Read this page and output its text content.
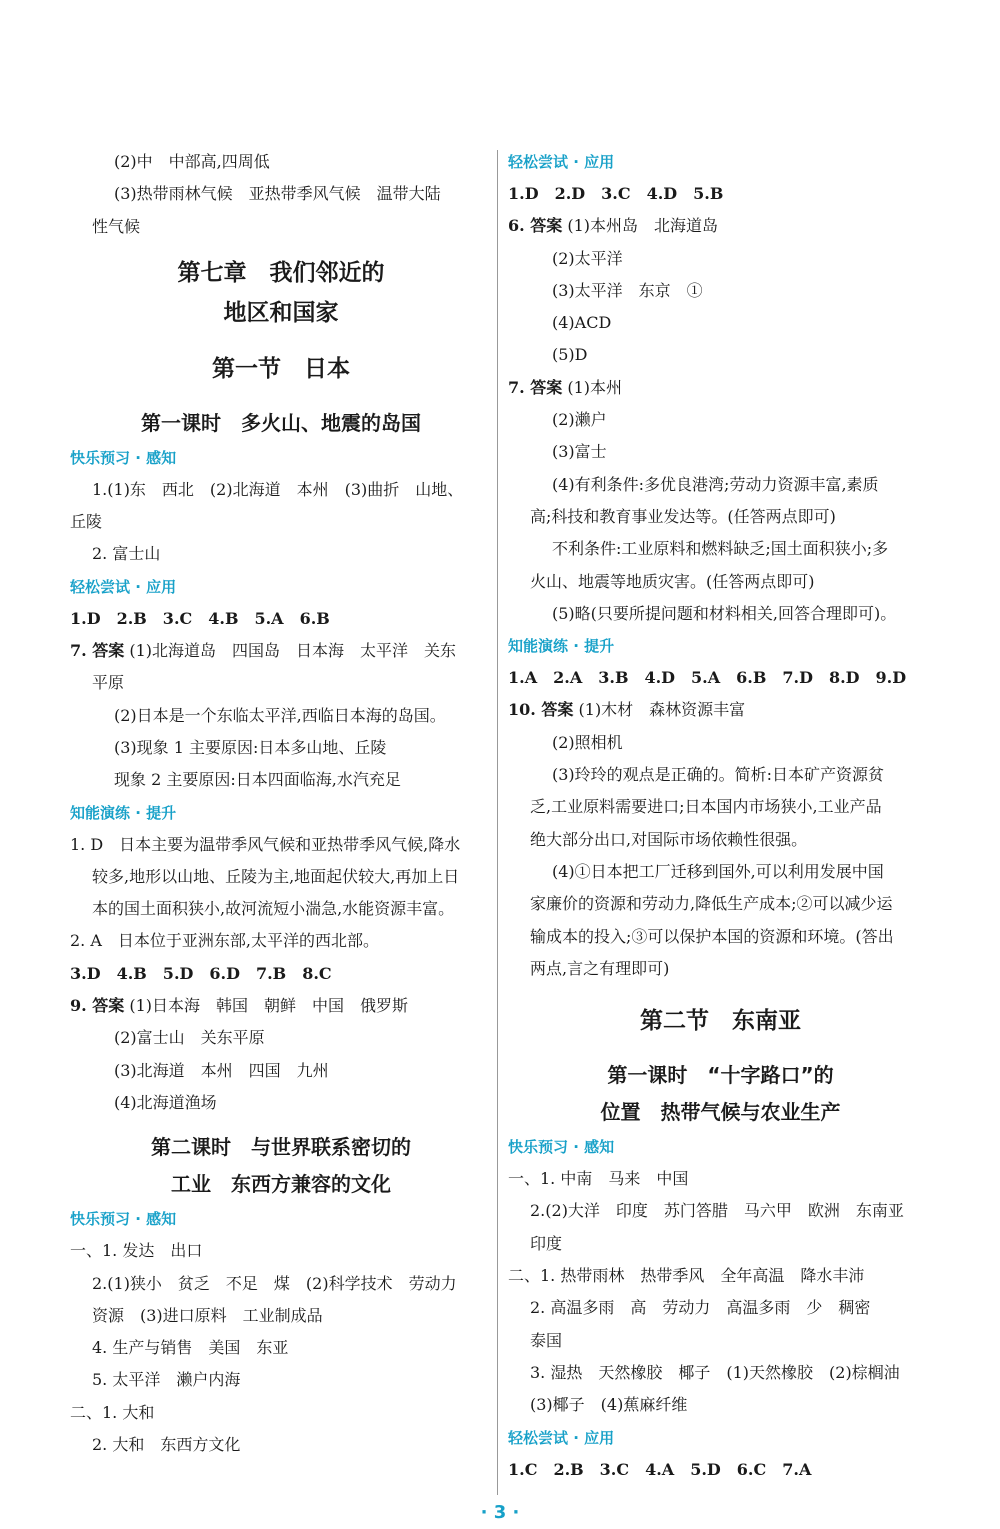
(2)中　中部高,四周低
(3)热带雨林气候　亚热带季风气候　温带大陆
性气候
第七章　我们邻近的
地区和国家
第一节　日本
第一课时　多火山、地震的岛国
快乐预习 · 感知
1.(1)东　西北　(2)北海道　本州　(3)曲折　山地、
丘陵
2. 富士山
轻松尝试 · 应用
1.D　2.B　3.C　4.B　5.A　6.B
7. 答案 (1)北海道岛　四国岛　日本海　太平洋　关东
平原
(2)日本是一个东临太平洋,西临日本海的岛国。
(3)现象 1 主要原因:日本多山地、丘陵
现象 2 主要原因:日本四面临海,水汽充足
知能演练 · 提升
1. D　日本主要为温带季风气候和亚热带季风气候,降水
较多,地形以山地、丘陵为主,地面起伏较大,再加上日
本的国土面积狭小,故河流短小湍急,水能资源丰富。
2. A　日本位于亚洲东部,太平洋的西北部。
3.D　4.B　5.D　6.D　7.B　8.C
9. 答案 (1)日本海　韩国　朝鲜　中国　俄罗斯
(2)富士山　关东平原
(3)北海道　本州　四国　九州
(4)北海道渔场
第二课时　与世界联系密切的
工业　东西方兼容的文化
快乐预习 · 感知
一、1. 发达　出口
2.(1)狭小　贫乏　不足　煤　(2)科学技术　劳动力
资源　(3)进口原料　工业制成品
4. 生产与销售　美国　东亚
5. 太平洋　濑户内海
二、1. 大和
2. 大和　东西方文化
轻松尝试 · 应用
1.D　2.D　3.C　4.D　5.B
6. 答案 (1)本州岛　北海道岛
(2)太平洋
(3)太平洋　东京　①
(4)ACD
(5)D
7. 答案 (1)本州
(2)濑户
(3)富士
(4)有利条件:多优良港湾;劳动力资源丰富,素质
高;科技和教育事业发达等。(任答两点即可)
不利条件:工业原料和燃料缺乏;国土面积狭小;多
火山、地震等地质灾害。(任答两点即可)
(5)略(只要所提问题和材料相关,回答合理即可)。
知能演练 · 提升
1.A　2.A　3.B　4.D　5.A　6.B　7.D　8.D　9.D
10. 答案 (1)木材　森林资源丰富
(2)照相机
(3)玲玲的观点是正确的。简析:日本矿产资源贫
乏,工业原料需要进口;日本国内市场狭小,工业产品
绝大部分出口,对国际市场依赖性很强。
(4)①日本把工厂迁移到国外,可以利用发展中国
家廉价的资源和劳动力,降低生产成本;②可以减少运
输成本的投入;③可以保护本国的资源和环境。(答出
两点,言之有理即可)
第二节　东南亚
第一课时　“十字路口”的
位置　热带气候与农业生产
快乐预习 · 感知
一、1. 中南　马来　中国
2.(2)大洋　印度　苏门答腊　马六甲　欧洲　东南亚
印度
二、1. 热带雨林　热带季风　全年高温　降水丰沛
2. 高温多雨　高　劳动力　高温多雨　少　稠密
泰国
3. 湿热　天然橡胶　椰子　(1)天然橡胶　(2)棕榈油
(3)椰子　(4)蕉麻纤维
轻松尝试 · 应用
1.C　2.B　3.C　4.A　5.D　6.C　7.A
· 3 ·
